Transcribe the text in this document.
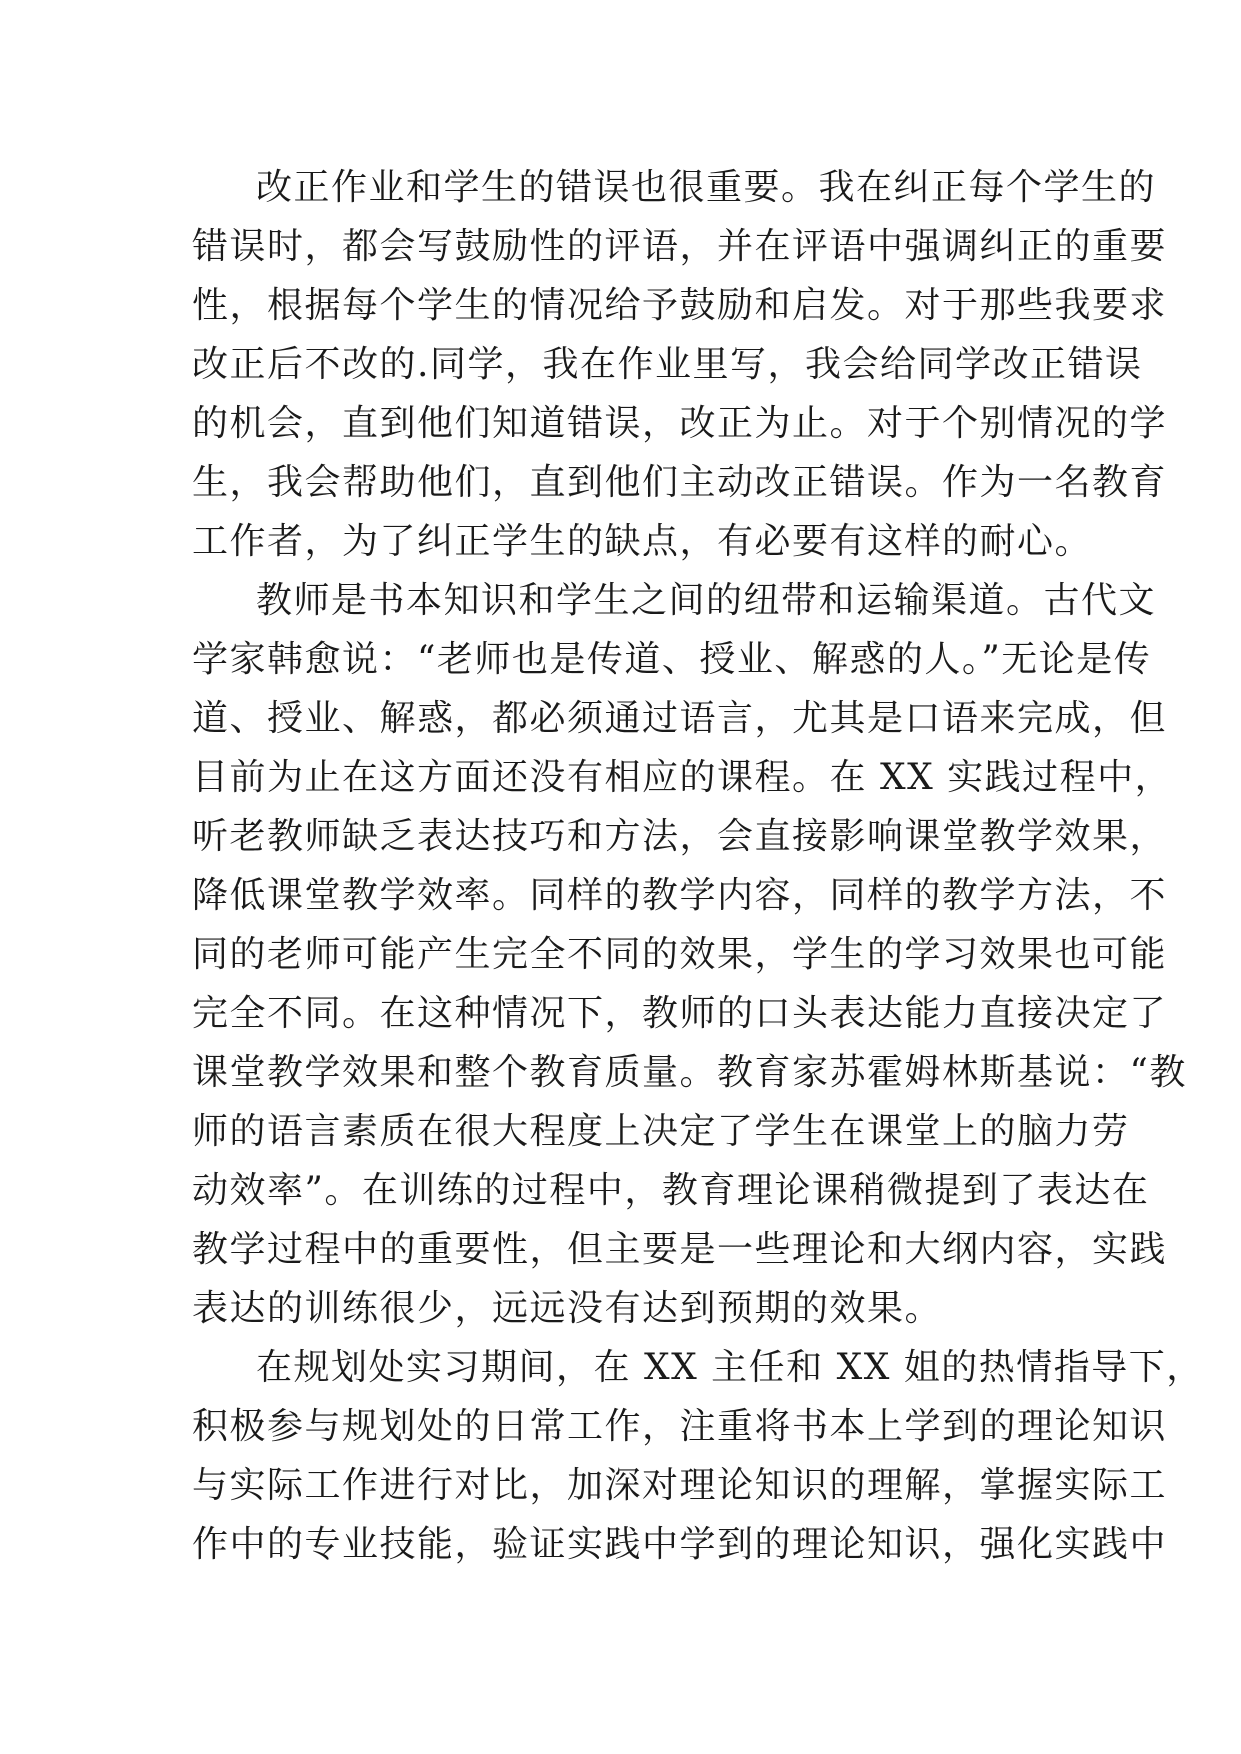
改正作业和学生的错误也很重要。我在纠正每个学生的
错误时，都会写鼓励性的评语，并在评语中强调纠正的重要
性，根据每个学生的情况给予鼓励和启发。对于那些我要求
改正后不改的.同学，我在作业里写，我会给同学改正错误
的机会，直到他们知道错误，改正为止。对于个别情况的学
生，我会帮助他们，直到他们主动改正错误。作为一名教育
工作者，为了纠正学生的缺点，有必要有这样的耐心。
教师是书本知识和学生之间的纽带和运输渠道。古代文
学家韩愈说：“老师也是传道、授业、解惑的人。”无论是传
道、授业、解惑，都必须通过语言，尤其是口语来完成，但
目前为止在这方面还没有相应的课程。在 XX 实践过程中，
听老教师缺乏表达技巧和方法，会直接影响课堂教学效果，
降低课堂教学效率。同样的教学内容，同样的教学方法，不
同的老师可能产生完全不同的效果，学生的学习效果也可能
完全不同。在这种情况下，教师的口头表达能力直接决定了
课堂教学效果和整个教育质量。教育家苏霍姆林斯基说：“教
师的语言素质在很大程度上决定了学生在课堂上的脑力劳
动效率”。在训练的过程中，教育理论课稍微提到了表达在
教学过程中的重要性，但主要是一些理论和大纲内容，实践
表达的训练很少，远远没有达到预期的效果。
在规划处实习期间，在 XX 主任和 XX 姐的热情指导下，
积极参与规划处的日常工作，注重将书本上学到的理论知识
与实际工作进行对比，加深对理论知识的理解，掌握实际工
作中的专业技能，验证实践中学到的理论知识，强化实践中
